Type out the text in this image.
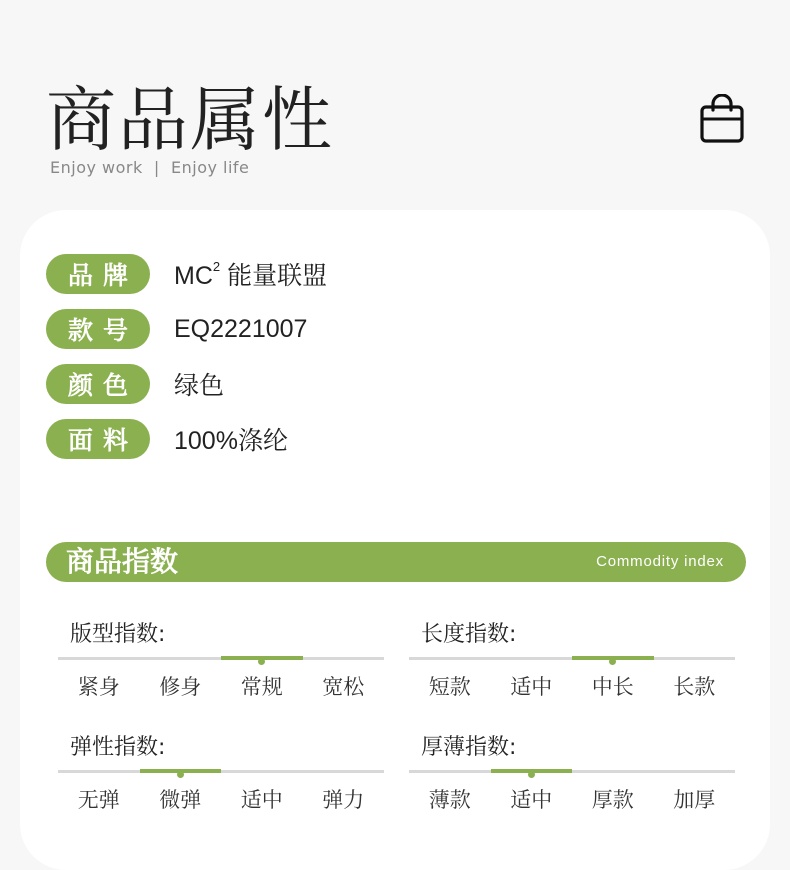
商品属性
Enjoy work  |  Enjoy life
品牌	$MC^2$ 能量联盟
款号	EQ2221007
颜色	绿色
面料	100%涤纶
商品指数	Commodity index
版型指数:
紧身	修身	常规	宽松
长度指数:
短款	适中	中长	长款
弹性指数:
无弹	微弹	适中	弹力
厚薄指数:
薄款	适中	厚款	加厚
